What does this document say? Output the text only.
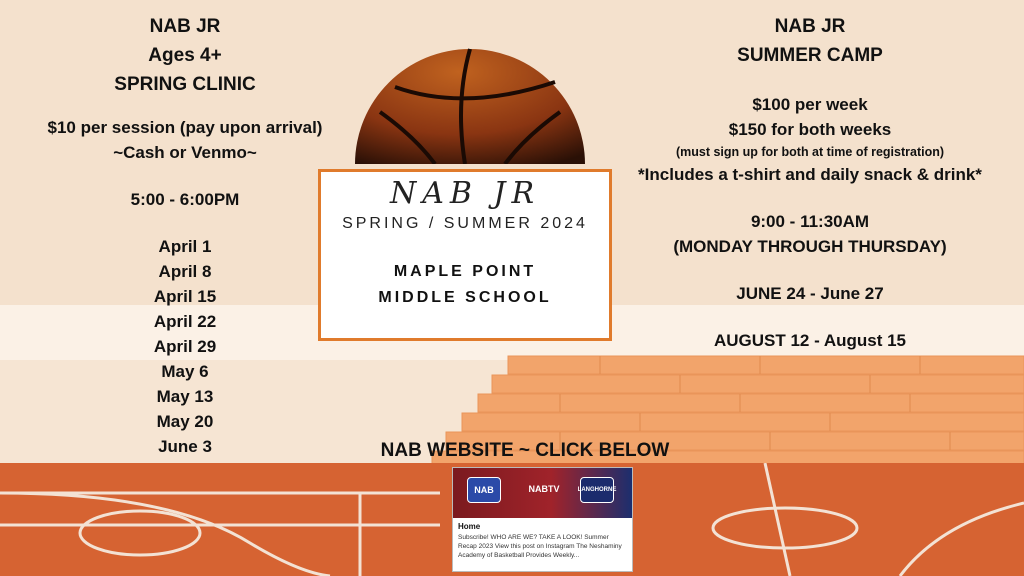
NAB JR
Ages 4+
SPRING CLINIC
$10 per session (pay upon arrival)
~Cash or Venmo~
5:00 - 6:00PM
April 1
April 8
April 15
April 22
April 29
May 6
May 13
May 20
June 3
NAB JR
SPRING / SUMMER 2024
MAPLE POINT
MIDDLE SCHOOL
NAB JR
SUMMER CAMP
$100 per week
$150 for both weeks
(must sign up for both at time of registration)
*Includes a t-shirt and daily snack & drink*
9:00 - 11:30AM
(MONDAY THROUGH THURSDAY)
JUNE 24 - June 27
AUGUST 12 - August 15
NAB WEBSITE ~ CLICK BELOW
NAB	NABTV	LANGHORNE
Home
Subscribe! WHO ARE WE? TAKE A LOOK! Summer Recap 2023 View this post on Instagram The Neshaminy Academy of Basketball Provides Weekly...
